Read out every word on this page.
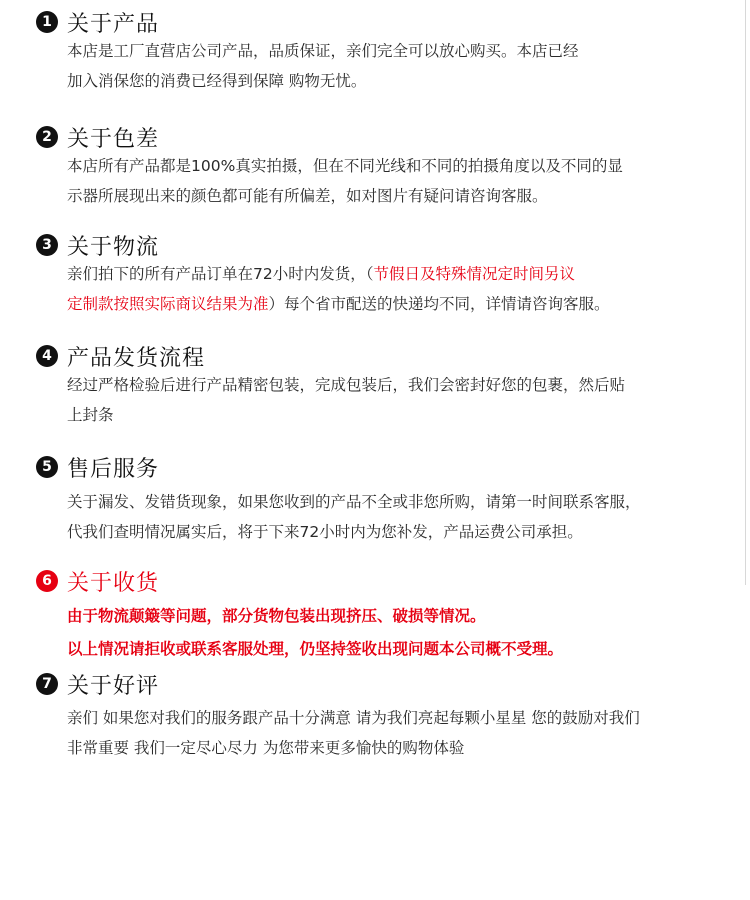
1 关于产品
本店是工厂直营店公司产品，品质保证，亲们完全可以放心购买。本店已经
加入消保您的消费已经得到保障 购物无忧。
2 关于色差
本店所有产品都是100%真实拍摄，但在不同光线和不同的拍摄角度以及不同的显
示器所展现出来的颜色都可能有所偏差，如对图片有疑问请咨询客服。
3 关于物流
亲们拍下的所有产品订单在72小时内发货，（节假日及特殊情况定时间另议
定制款按照实际商议结果为准）每个省市配送的快递均不同，详情请咨询客服。
4 产品发货流程
经过严格检验后进行产品精密包装，完成包装后，我们会密封好您的包裹，然后贴
上封条
5 售后服务
关于漏发、发错货现象，如果您收到的产品不全或非您所购，请第一时间联系客服，
代我们查明情况属实后，将于下来72小时内为您补发，产品运费公司承担。
6 关于收货
由于物流颠簸等问题，部分货物包装出现挤压、破损等情况。
以上情况请拒收或联系客服处理，仍坚持签收出现问题本公司概不受理。
7 关于好评
亲们 如果您对我们的服务跟产品十分满意 请为我们亮起每颗小星星 您的鼓励对我们
非常重要 我们一定尽心尽力 为您带来更多愉快的购物体验
